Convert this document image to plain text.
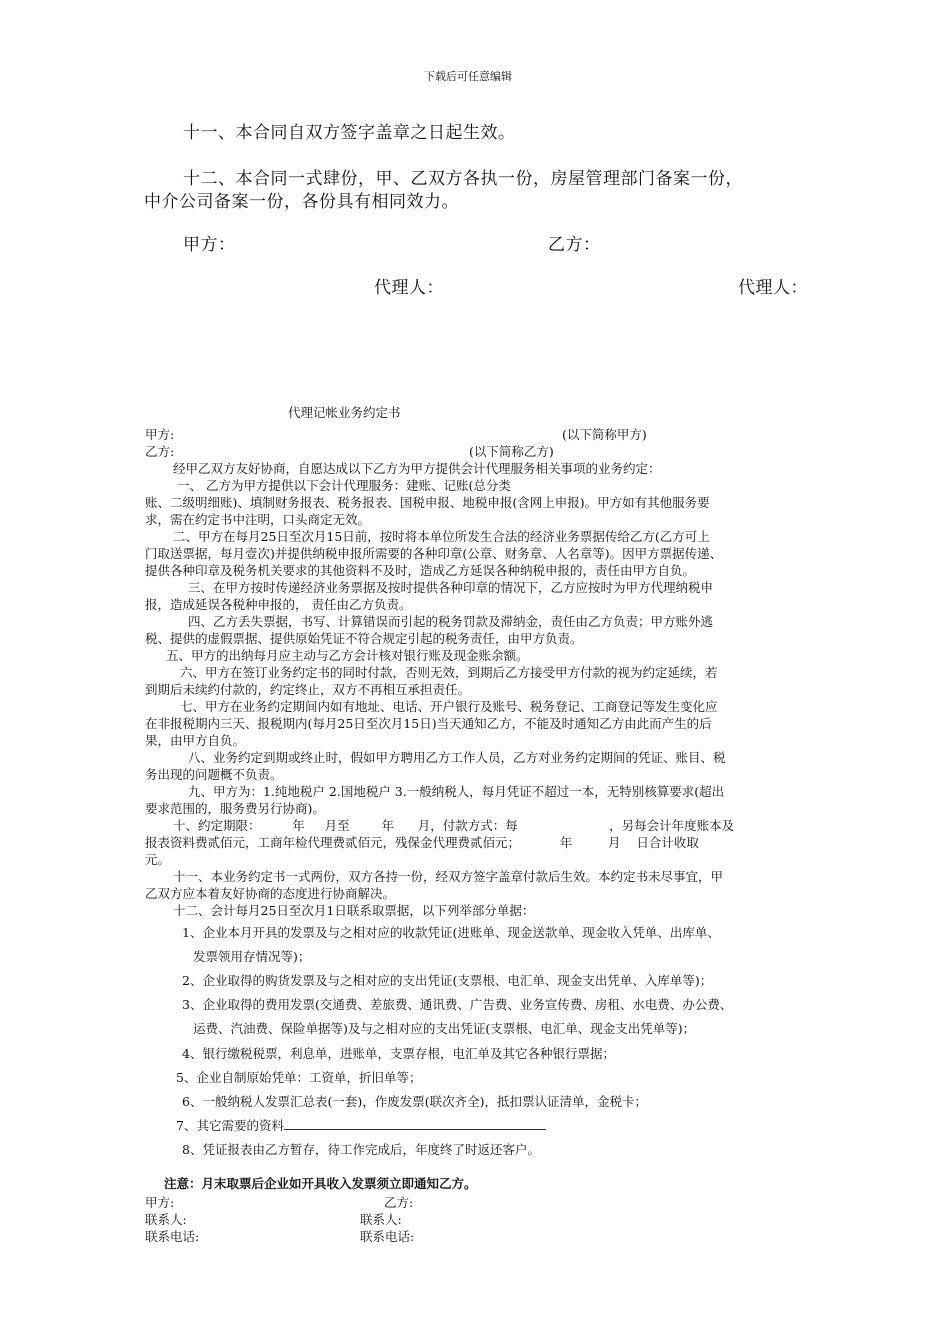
下载后可任意编辑
十一、本合同自双方签字盖章之日起生效。
十二、本合同一式肆份，甲、乙双方各执一份，房屋管理部门备案一份，
中介公司备案一份，各份具有相同效力。
甲方：	乙方：
代理人：	代理人：
代理记帐业务约定书
甲方:	(以下简称甲方)
乙方:	(以下简称乙方)
经甲乙双方友好协商，自愿达成以下乙方为甲方提供会计代理服务相关事项的业务约定：
一、 乙方为甲方提供以下会计代理服务：建账、记账(总分类
账、二级明细账)、填制财务报表、税务报表、国税申报、地税申报(含网上申报)。甲方如有其他服务要
求，需在约定书中注明，口头商定无效。
二、甲方在每月25日至次月15日前，按时将本单位所发生合法的经济业务票据传给乙方(乙方可上
门取送票据，每月壹次)并提供纳税申报所需要的各种印章(公章、财务章、人名章等)。因甲方票据传递、
提供各种印章及税务机关要求的其他资料不及时，造成乙方延误各种纳税申报的，责任由甲方自负。
三、在甲方按时传递经济业务票据及按时提供各种印章的情况下，乙方应按时为甲方代理纳税申
报，造成延误各税种申报的， 责任由乙方负责。
四、乙方丢失票据，书写、计算错误而引起的税务罚款及滞纳金，责任由乙方负责；甲方账外逃
税、提供的虚假票据、提供原始凭证不符合规定引起的税务责任，由甲方负责。
五、甲方的出纳每月应主动与乙方会计核对银行账及现金账余额。
六、甲方在签订业务约定书的同时付款，否则无效，到期后乙方接受甲方付款的视为约定延续，若
到期后未续约付款的，约定终止，双方不再相互承担责任。
七、甲方在业务约定期间内如有地址、电话、开户银行及账号、税务登记、工商登记等发生变化应
在非报税期内三天、报税期内(每月25日至次月15日)当天通知乙方，不能及时通知乙方由此而产生的后
果，由甲方自负。
八、业务约定到期或终止时，假如甲方聘用乙方工作人员，乙方对业务约定期间的凭证、账目、税
务出现的问题概不负责。
九、甲方为：1.纯地税户 2.国地税户 3.一般纳税人，每月凭证不超过一本，无特别核算要求(超出
要求范围的，服务费另行协商)。
十、约定期限：        年     月至        年      月，付款方式：每                       ，另每会计年度账本及
报表资料费贰佰元，工商年检代理费贰佰元，残保金代理费贰佰元；          年         月    日合计收取
元。
十一、本业务约定书一式两份，双方各持一份，经双方签字盖章付款后生效。本约定书未尽事宜，甲
乙双方应本着友好协商的态度进行协商解决。
十二、会计每月25日至次月1日联系取票据，以下列举部分单据：
1、企业本月开具的发票及与之相对应的收款凭证(进账单、现金送款单、现金收入凭单、出库单、
发票领用存情况等)；
2、企业取得的购货发票及与之相对应的支出凭证(支票根、电汇单、现金支出凭单、入库单等)；
3、企业取得的费用发票(交通费、差旅费、通讯费、广告费、业务宣传费、房租、水电费、办公费、
运费、汽油费、保险单据等)及与之相对应的支出凭证(支票根、电汇单、现金支出凭单等)；
4、银行缴税税票，利息单，进账单，支票存根，电汇单及其它各种银行票据；
5、企业自制原始凭单：工资单，折旧单等；
6、一般纳税人发票汇总表(一套)，作废发票(联次齐全)，抵扣票认证清单，金税卡；
7、其它需要的资料
8、凭证报表由乙方暂存，待工作完成后，年度终了时返还客户。
注意：月末取票后企业如开具收入发票须立即通知乙方。
甲方:	乙方:
联系人:	联系人:
联系电话:	联系电话:
